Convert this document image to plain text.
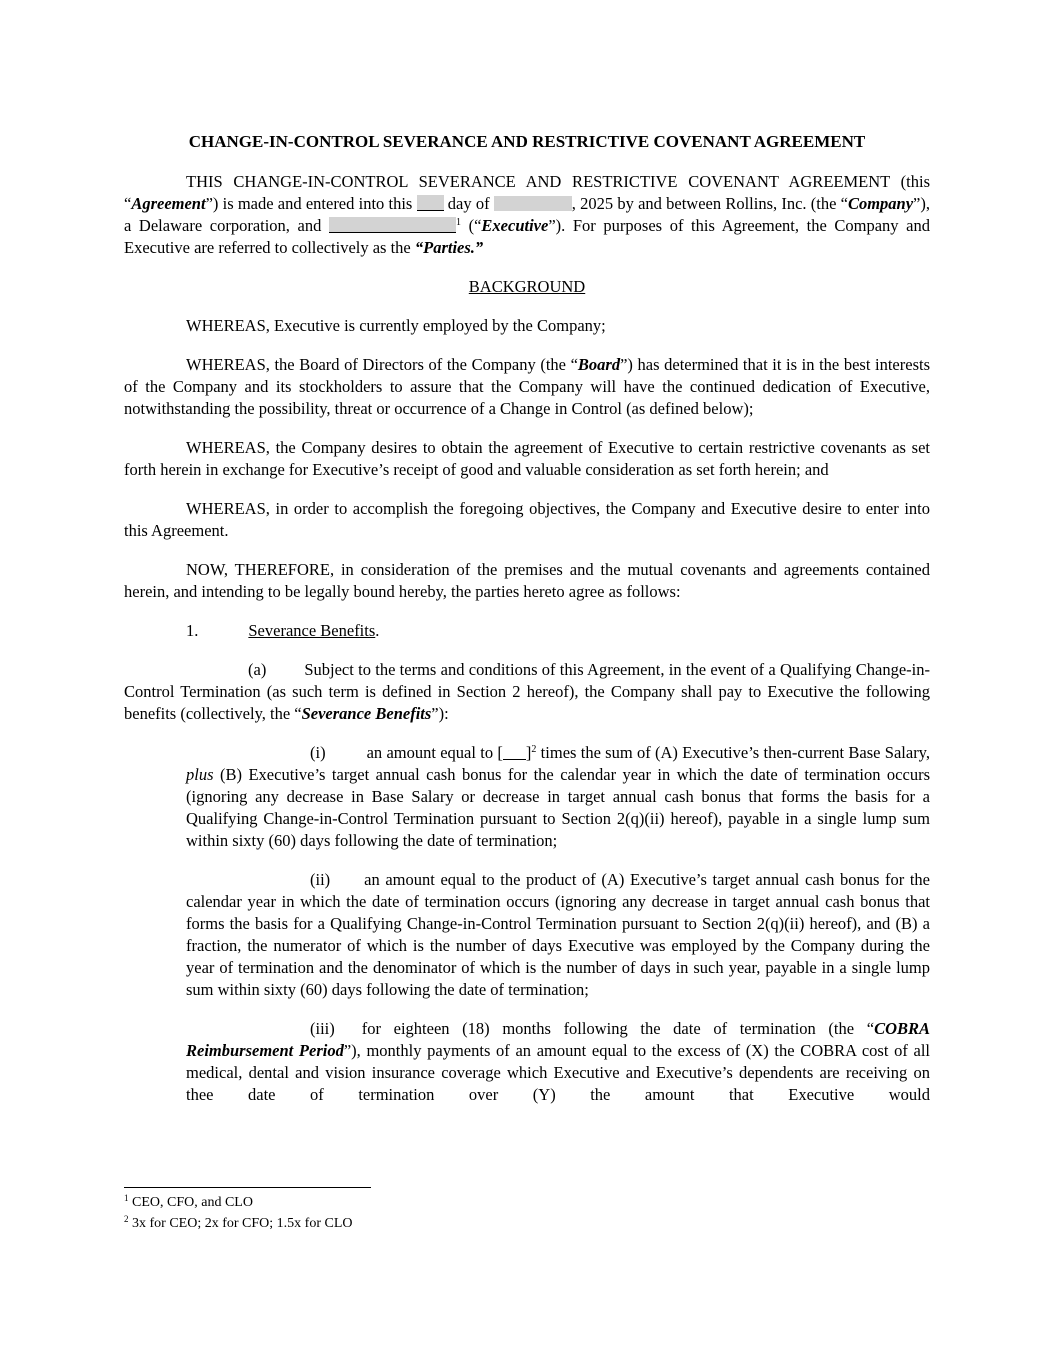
CHANGE-IN-CONTROL SEVERANCE AND RESTRICTIVE COVENANT AGREEMENT

THIS CHANGE-IN-CONTROL SEVERANCE AND RESTRICTIVE COVENANT AGREEMENT (this “Agreement”) is made and entered into this  day of	, 2025 by and between Rollins, Inc. (the “Company”), a Delaware corporation, and	$^1$ (“Executive”). For purposes of this Agreement, the Company and Executive are referred to collectively as the “Parties.”

BACKGROUND

WHEREAS, Executive is currently employed by the Company;

WHEREAS, the Board of Directors of the Company (the “Board”) has determined that it is in the best interests of the Company and its stockholders to assure that the Company will have the continued dedication of Executive, notwithstanding the possibility, threat or occurrence of a Change in Control (as defined below);

WHEREAS, the Company desires to obtain the agreement of Executive to certain restrictive covenants as set forth herein in exchange for Executive’s receipt of good and valuable consideration as set forth herein; and

WHEREAS, in order to accomplish the foregoing objectives, the Company and Executive desire to enter into this Agreement.

NOW, THEREFORE, in consideration of the premises and the mutual covenants and agreements contained herein, and intending to be legally bound hereby, the parties hereto agree as follows:

1.	Severance Benefits.

(a) Subject to the terms and conditions of this Agreement, in the event of a Qualifying Change-in-Control Termination (as such term is defined in Section 2 hereof), the Company shall pay to Executive the following benefits (collectively, the “Severance Benefits”):

(i) an amount equal to [ ]$^2$ times the sum of (A) Executive’s then-current Base Salary, plus (B) Executive’s target annual cash bonus for the calendar year in which the date of termination occurs (ignoring any decrease in Base Salary or decrease in target annual cash bonus that forms the basis for a Qualifying Change-in-Control Termination pursuant to Section 2(q)(ii) hereof), payable in a single lump sum within sixty (60) days following the date of termination;

(ii) an amount equal to the product of (A) Executive’s target annual cash bonus for the calendar year in which the date of termination occurs (ignoring any decrease in target annual cash bonus that forms the basis for a Qualifying Change-in-Control Termination pursuant to Section 2(q)(ii) hereof), and (B) a fraction, the numerator of which is the number of days Executive was employed by the Company during the year of termination and the denominator of which is the number of days in such year, payable in a single lump sum within sixty (60) days following the date of termination;

(iii) for eighteen (18) months following the date of termination (the “COBRA Reimbursement Period”), monthly payments of an amount equal to the excess of (X) the COBRA cost of all medical, dental and vision insurance coverage which Executive and Executive’s dependents are receiving on thee date of termination over (Y) the amount that Executive would

$^1$ CEO, CFO, and CLO

$^2$ 3x for CEO; 2x for CFO; 1.5x for CLO
